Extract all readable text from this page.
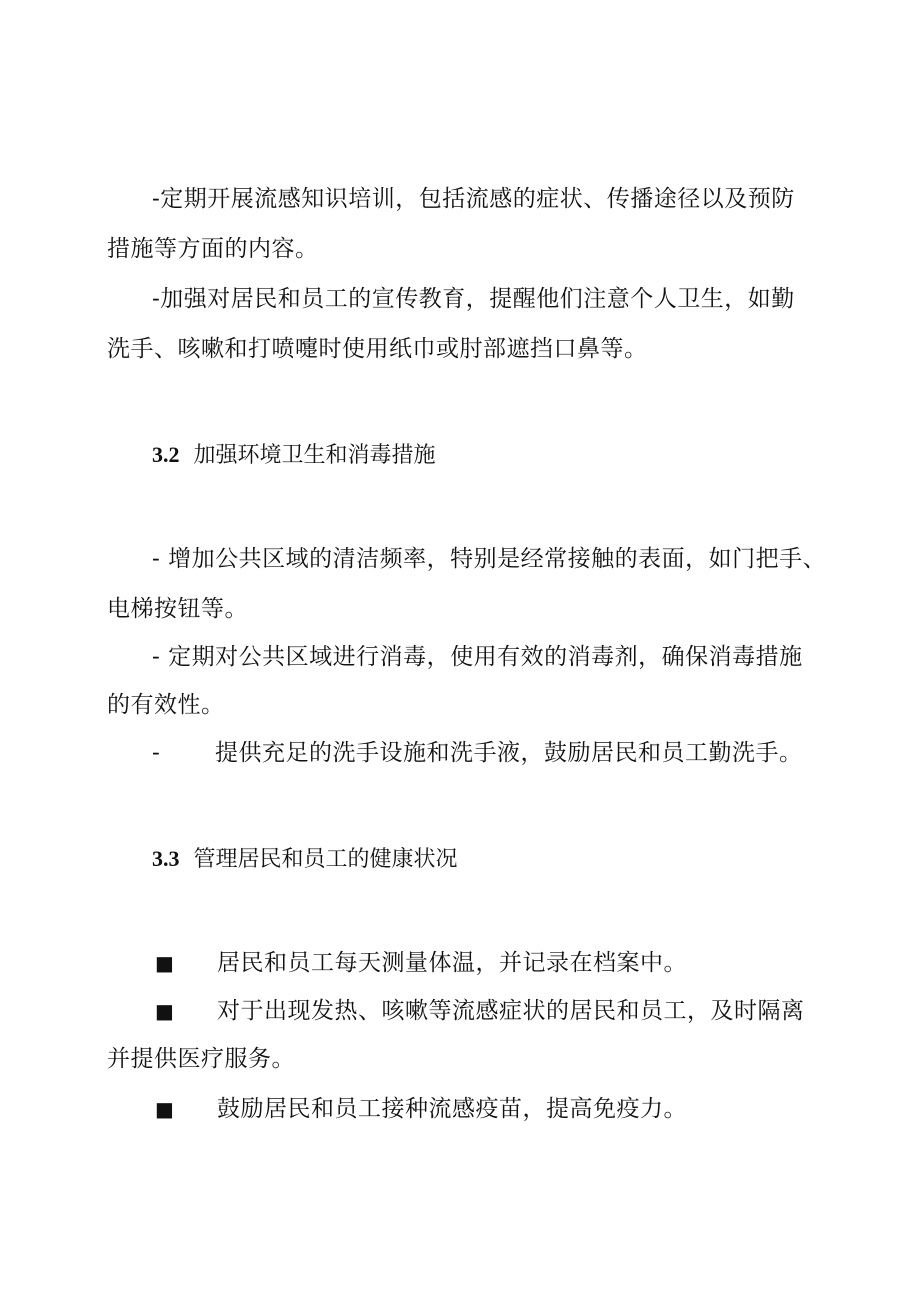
-定期开展流感知识培训，包括流感的症状、传播途径以及预防
措施等方面的内容。
-加强对居民和员工的宣传教育，提醒他们注意个人卫生，如勤
洗手、咳嗽和打喷嚏时使用纸巾或肘部遮挡口鼻等。
3.2 加强环境卫生和消毒措施
- 增加公共区域的清洁频率，特别是经常接触的表面，如门把手、
电梯按钮等。
- 定期对公共区域进行消毒，使用有效的消毒剂，确保消毒措施
的有效性。
- 提供充足的洗手设施和洗手液，鼓励居民和员工勤洗手。
3.3 管理居民和员工的健康状况
■ 居民和员工每天测量体温，并记录在档案中。
■ 对于出现发热、咳嗽等流感症状的居民和员工，及时隔离
并提供医疗服务。
■ 鼓励居民和员工接种流感疫苗，提高免疫力。
